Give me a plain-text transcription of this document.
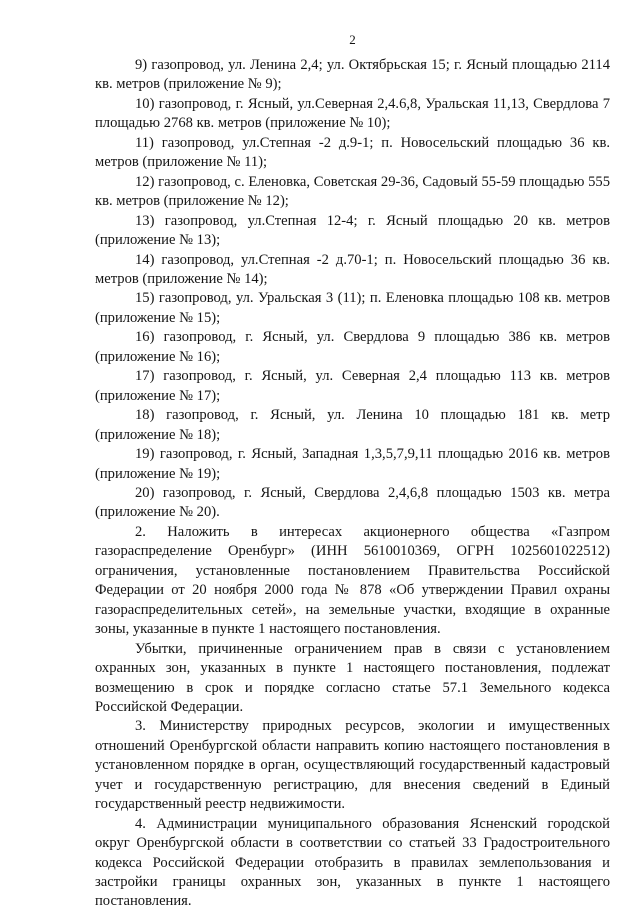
2

9) газопровод, ул. Ленина 2,4; ул. Октябрьская 15; г. Ясный площадью 2114 кв. метров (приложение № 9);

10) газопровод, г. Ясный, ул.Северная 2,4.6,8, Уральская 11,13, Свердлова 7 площадью 2768 кв. метров (приложение № 10);

11) газопровод, ул.Степная -2 д.9-1; п. Новосельский площадью 36 кв. метров (приложение № 11);

12) газопровод, с. Еленовка, Советская 29-36, Садовый 55-59 площадью 555 кв. метров (приложение № 12);

13) газопровод, ул.Степная 12-4; г. Ясный площадью 20 кв. метров (приложение № 13);

14) газопровод, ул.Степная -2 д.70-1; п. Новосельский площадью 36 кв. метров (приложение № 14);

15) газопровод, ул. Уральская 3 (11); п. Еленовка площадью 108 кв. метров (приложение № 15);

16) газопровод, г. Ясный, ул. Свердлова 9 площадью 386 кв. метров (приложение № 16);

17) газопровод, г. Ясный, ул. Северная 2,4 площадью 113 кв. метров (приложение № 17);

18) газопровод, г. Ясный, ул. Ленина 10 площадью 181 кв. метр (приложение № 18);

19) газопровод, г. Ясный, Западная 1,3,5,7,9,11 площадью 2016 кв. метров (приложение № 19);

20) газопровод, г. Ясный, Свердлова 2,4,6,8 площадью 1503 кв. метра (приложение № 20).

2. Наложить в интересах акционерного общества «Газпром газораспределение Оренбург» (ИНН 5610010369, ОГРН 1025601022512) ограничения, установленные постановлением Правительства Российской Федерации от 20 ноября 2000 года № 878 «Об утверждении Правил охраны газораспределительных сетей», на земельные участки, входящие в охранные зоны, указанные в пункте 1 настоящего постановления.

Убытки, причиненные ограничением прав в связи с установлением охранных зон, указанных в пункте 1 настоящего постановления, подлежат возмещению в срок и порядке согласно статье 57.1 Земельного кодекса Российской Федерации.

3. Министерству природных ресурсов, экологии и имущественных отношений Оренбургской области направить копию настоящего постановления в установленном порядке в орган, осуществляющий государственный кадастровый учет и государственную регистрацию, для внесения сведений в Единый государственный реестр недвижимости.

4. Администрации муниципального образования Ясненский городской округ Оренбургской области в соответствии со статьей 33 Градостроительного кодекса Российской Федерации отобразить в правилах землепользования и застройки границы охранных зон, указанных в пункте 1 настоящего постановления.
